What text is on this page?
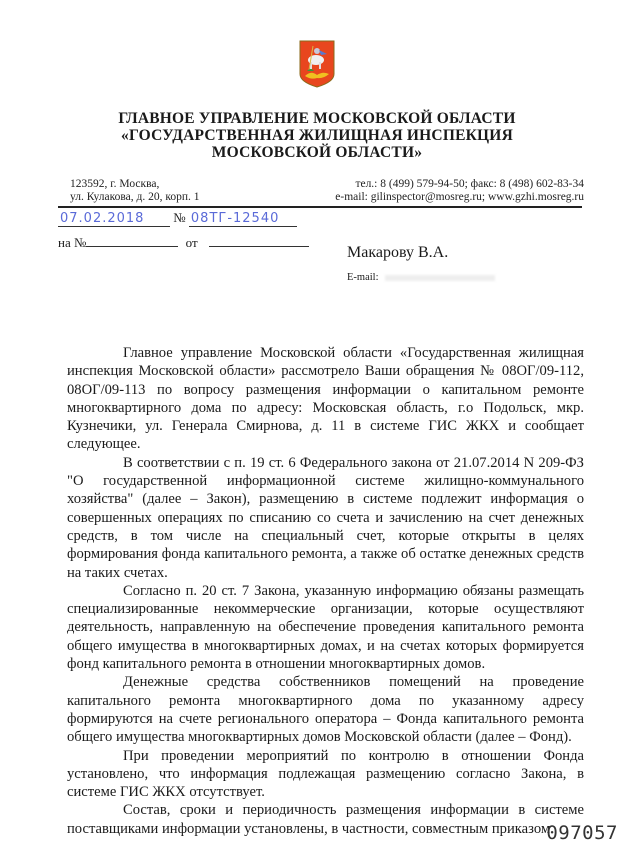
ГЛАВНОЕ УПРАВЛЕНИЕ МОСКОВСКОЙ ОБЛАСТИ
«ГОСУДАРСТВЕННАЯ ЖИЛИЩНАЯ ИНСПЕКЦИЯ
МОСКОВСКОЙ ОБЛАСТИ»
123592, г. Москва,
ул. Кулакова, д. 20, корп. 1
тел.: 8 (499) 579-94-50; факс: 8 (498) 602-83-34
e-mail: gilinspector@mosreg.ru; www.gzhi.mosreg.ru
07.02.2018 № 08ТГ-12540
на №	от
Макарову В.А.
E-mail:

Главное управление Московской области «Государственная жилищная инспекция Московской области» рассмотрело Ваши обращения № 08ОГ/09-112, 08ОГ/09-113 по вопросу размещения информации о капитальном ремонте многоквартирного дома по адресу: Московская область, г.о Подольск, мкр. Кузнечики, ул. Генерала Смирнова, д. 11 в системе ГИС ЖКХ и сообщает следующее.

В соответствии с п. 19 ст. 6 Федерального закона от 21.07.2014 N 209-ФЗ "О государственной информационной системе жилищно-коммунального хозяйства" (далее – Закон), размещению в системе подлежит информация о совершенных операциях по списанию со счета и зачислению на счет денежных средств, в том числе на специальный счет, которые открыты в целях формирования фонда капитального ремонта, а также об остатке денежных средств на таких счетах.

Согласно п. 20 ст. 7 Закона, указанную информацию обязаны размещать специализированные некоммерческие организации, которые осуществляют деятельность, направленную на обеспечение проведения капитального ремонта общего имущества в многоквартирных домах, и на счетах которых формируется фонд капитального ремонта в отношении многоквартирных домов.

Денежные средства собственников помещений на проведение капитального ремонта многоквартирного дома по указанному адресу формируются на счете регионального оператора – Фонда капитального ремонта общего имущества многоквартирных домов Московской области (далее – Фонд).

При проведении мероприятий по контролю в отношении Фонда установлено, что информация подлежащая размещению согласно Закона, в системе ГИС ЖКХ отсутствует.

Состав, сроки и периодичность размещения информации в системе поставщиками информации установлены, в частности, совместным приказом

097057
